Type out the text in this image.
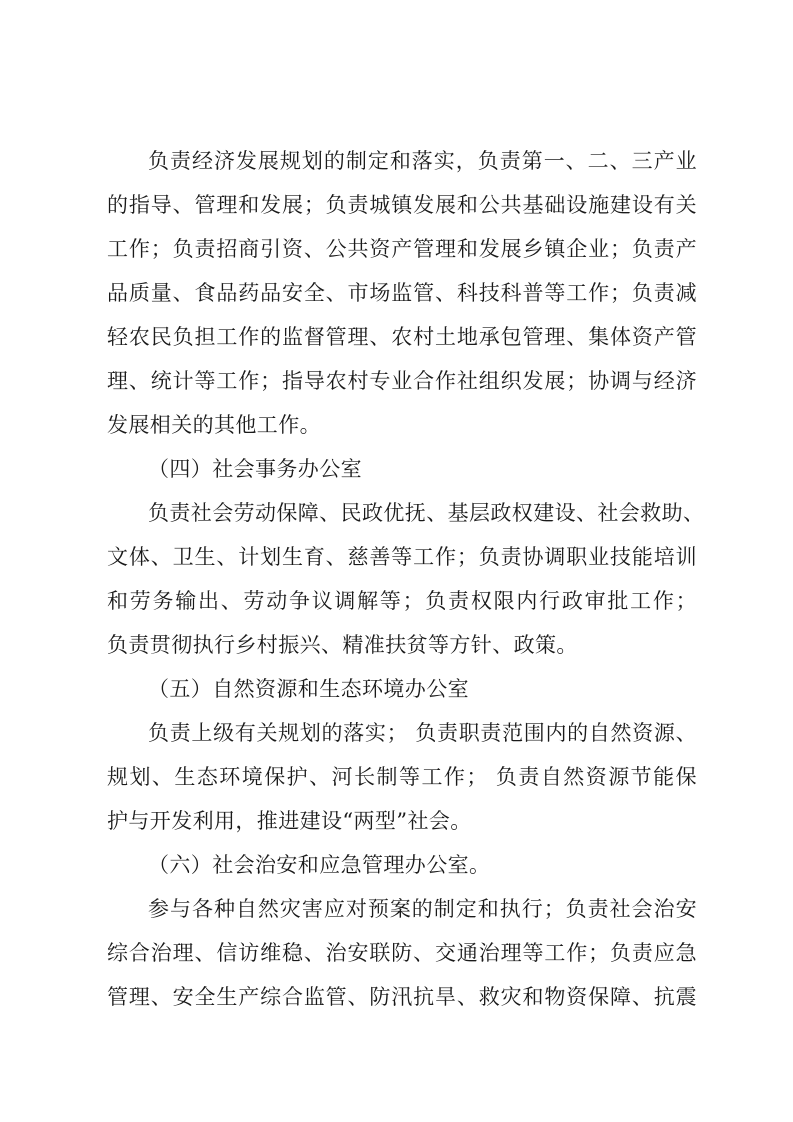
负责经济发展规划的制定和落实，负责第一、二、三产业
的指导、管理和发展；负责城镇发展和公共基础设施建设有关
工作；负责招商引资、公共资产管理和发展乡镇企业；负责产
品质量、食品药品安全、市场监管、科技科普等工作；负责减
轻农民负担工作的监督管理、农村土地承包管理、集体资产管
理、统计等工作；指导农村专业合作社组织发展；协调与经济
发展相关的其他工作。
（四）社会事务办公室
负责社会劳动保障、民政优抚、基层政权建设、社会救助、
文体、卫生、计划生育、慈善等工作；负责协调职业技能培训
和劳务输出、劳动争议调解等；负责权限内行政审批工作；
负责贯彻执行乡村振兴、精准扶贫等方针、政策。
（五）自然资源和生态环境办公室
负责上级有关规划的落实； 负责职责范围内的自然资源、
规划、生态环境保护、河长制等工作； 负责自然资源节能保
护与开发利用，推进建设“两型”社会。
（六）社会治安和应急管理办公室。
参与各种自然灾害应对预案的制定和执行；负责社会治安
综合治理、信访维稳、治安联防、交通治理等工作；负责应急
管理、安全生产综合监管、防汛抗旱、救灾和物资保障、抗震
